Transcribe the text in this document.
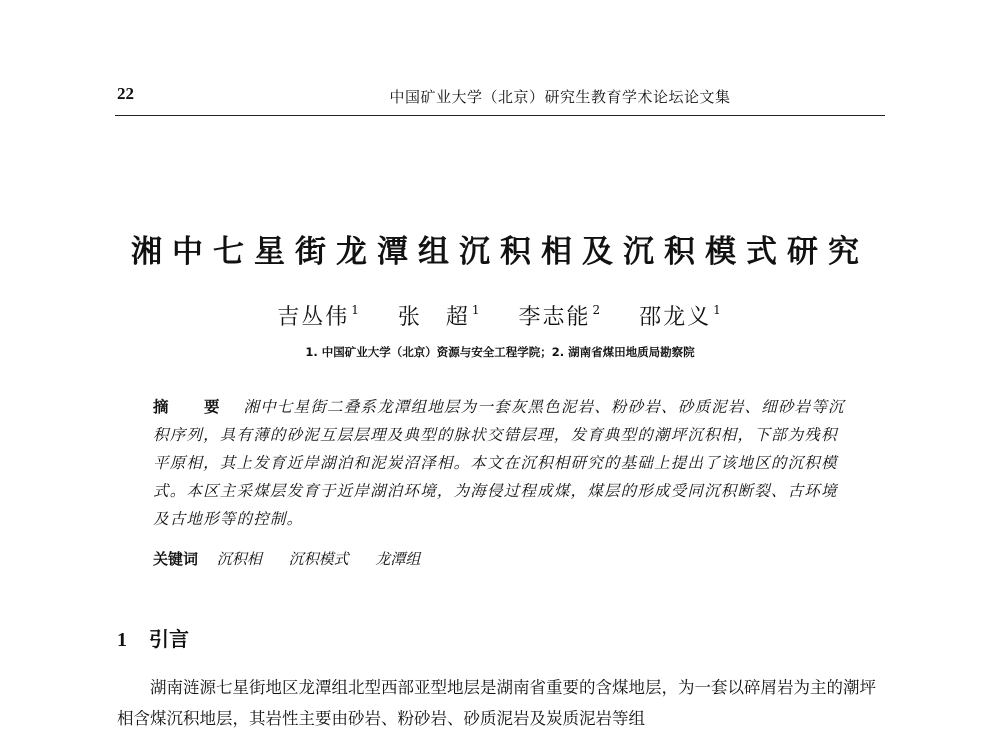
22	中国矿业大学（北京）研究生教育学术论坛论文集
湘中七星街龙潭组沉积相及沉积模式研究
吉丛伟 $^1$ 张　超 $^1$ 李志能 $^2$ 邵龙义 $^1$
1. 中国矿业大学（北京）资源与安全工程学院；2. 湖南省煤田地质局勘察院
摘　要 湘中七星街二叠系龙潭组地层为一套灰黑色泥岩、粉砂岩、砂质泥岩、细砂岩等沉积序列，具有薄的砂泥互层层理及典型的脉状交错层理，发育典型的潮坪沉积相，下部为残积平原相，其上发育近岸湖泊和泥炭沼泽相。本文在沉积相研究的基础上提出了该地区的沉积模式。本区主采煤层发育于近岸湖泊环境，为海侵过程成煤，煤层的形成受同沉积断裂、古环境及古地形等的控制。
关键词 沉积相 沉积模式 龙潭组
1 引言
湖南涟源七星街地区龙潭组北型西部亚型地层是湖南省重要的含煤地层，为一套以碎屑岩为主的潮坪相含煤沉积地层，其岩性主要由砂岩、粉砂岩、砂质泥岩及炭质泥岩等组
